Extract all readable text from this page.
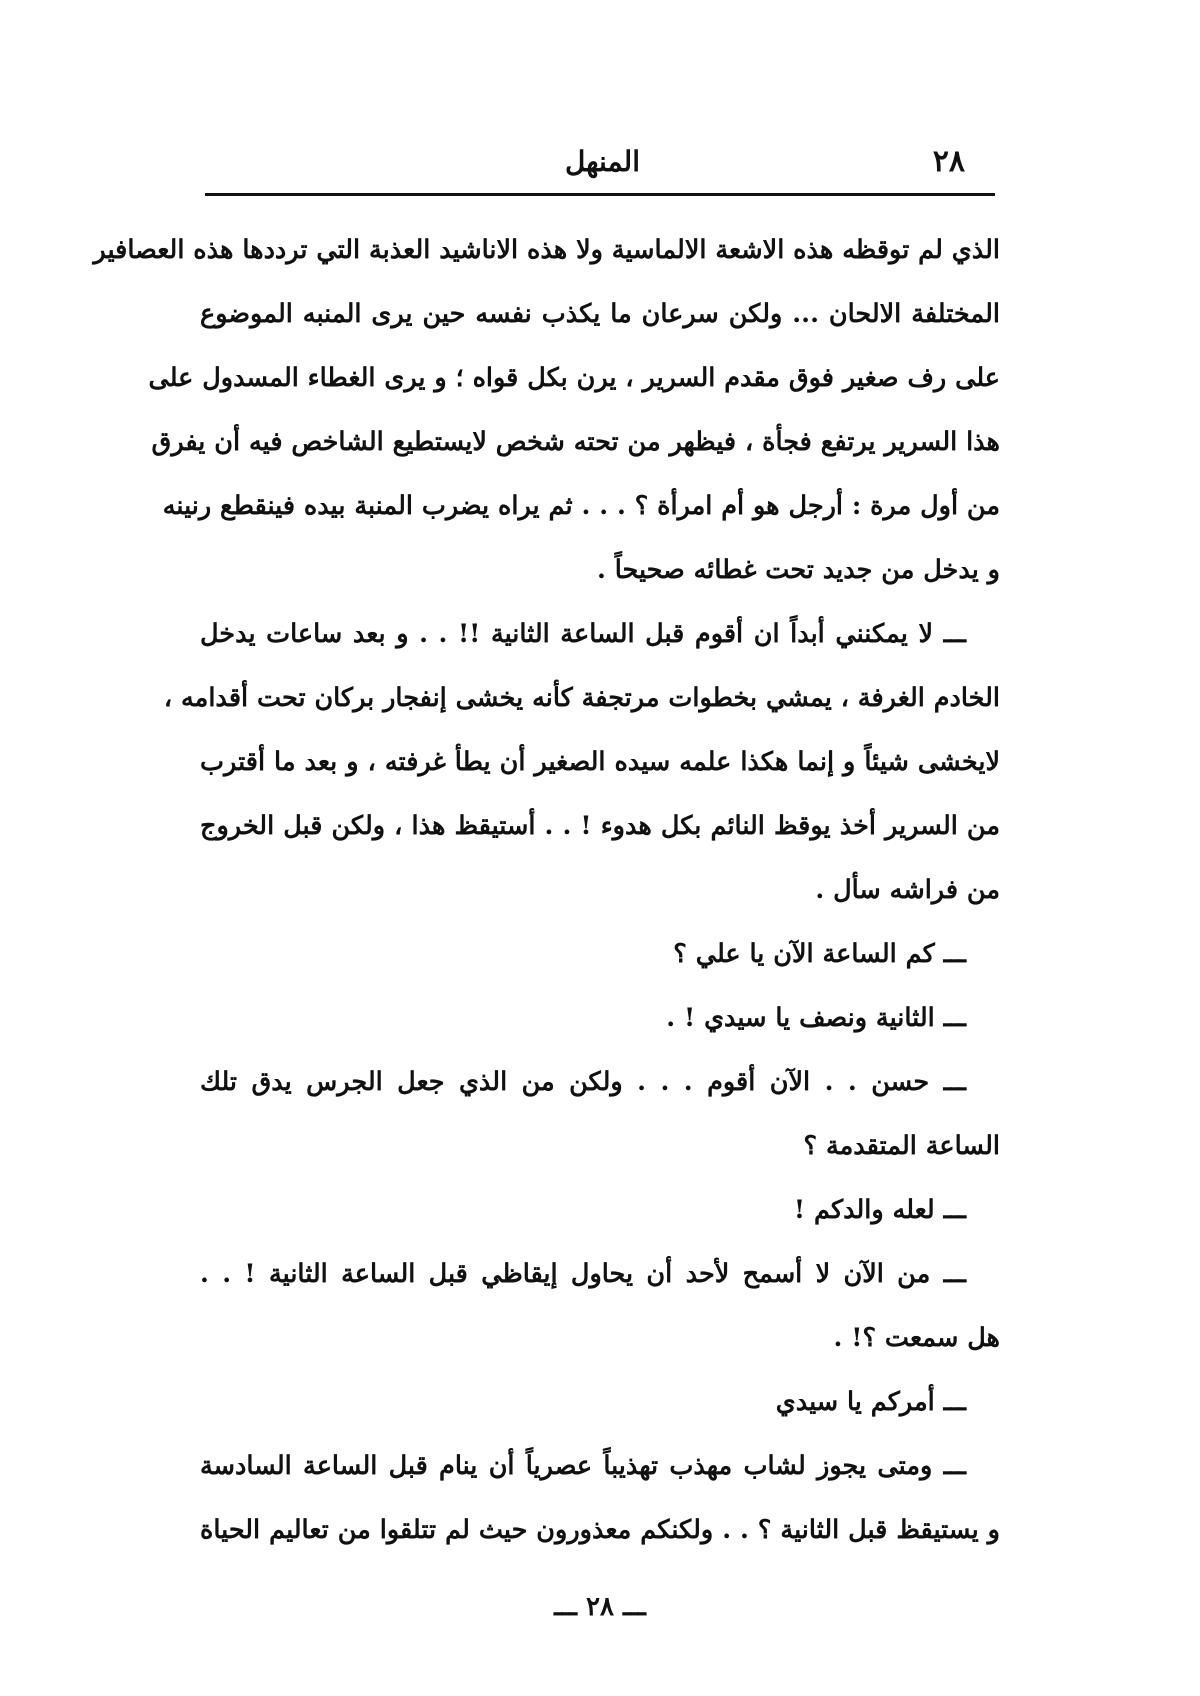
٢٨
المنهل
الذي لم توقظه هذه الاشعة الالماسية ولا هذه الاناشيد العذبة التي ترددها هذه العصافير
المختلفة الالحان ... ولكن سرعان ما يكذب نفسه حين يرى المنبه الموضوع
على رف صغير فوق مقدم السرير ، يرن بكل قواه ؛ و يرى الغطاء المسدول على
هذا السرير يرتفع فجأة ، فيظهر من تحته شخص لايستطيع الشاخص فيه أن يفرق
من أول مرة : أرجل هو أم امرأة ؟ . . . ثم يراه يضرب المنبة بيده فينقطع رنينه
و يدخل من جديد تحت غطائه صحيحاً .
ـــ لا يمكنني أبداً ان أقوم قبل الساعة الثانية !! . . و بعد ساعات يدخل
الخادم الغرفة ، يمشي بخطوات مرتجفة كأنه يخشى إنفجار بركان تحت أقدامه ،
لايخشى شيئاً و إنما هكذا علمه سيده الصغير أن يطأ غرفته ، و بعد ما أقترب
من السرير أخذ يوقظ النائم بكل هدوء ! . . أستيقظ هذا ، ولكن قبل الخروج
من فراشه سأل .
ـــ كم الساعة الآن يا علي ؟
ـــ الثانية ونصف يا سيدي ! .
ـــ حسن . . الآن أقوم . . . ولكن من الذي جعل الجرس يدق تلك
الساعة المتقدمة ؟
ـــ لعله والدكم !
ـــ من الآن لا أسمح لأحد أن يحاول إيقاظي قبل الساعة الثانية ! . .
هل سمعت ؟! .
ـــ أمركم يا سيدي
ـــ ومتى يجوز لشاب مهذب تهذيباً عصرياً أن ينام قبل الساعة السادسة
و يستيقظ قبل الثانية ؟ . . ولكنكم معذورون حيث لم تتلقوا من تعاليم الحياة
ـــ ٢٨ ـــ
